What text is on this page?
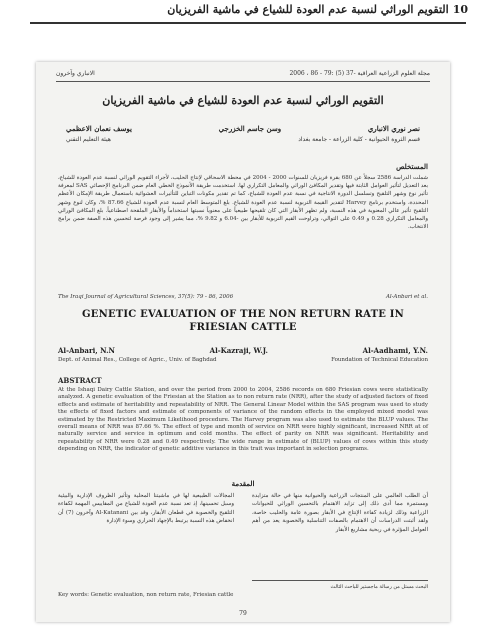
التقويم الوراثي لنسبة عدم العودة للشياع في ماشية الفريزيان 10
الانباري وآخرون	مجلة العلوم الزراعية العراقية -37 (5) :79 - 86 ، 2006
التقويم الوراثي لنسبة عدم العودة للشياع في ماشية الفريزيان
نصر نوري الانباري
وسن جاسم الخزرجي
يوسف نعمان الاعظمي
قسم الثروة الحيوانية - كلية الزراعة - جامعة بغداد
هيئة التعليم التقني
المستخلص
شملت الدراسة 2586 سجلاً عن 680 بقرة فريزيان للسنوات 2000 - 2004 في محطة الاسحاقي لإنتاج الحليب، لأجراء التقويم الوراثي لنسبة عدم العودة للشياع، بعد التعديل لتأثير العوامل الثابتة فيها وتقدير المكافئ الوراثي والمعامل التكراري لها. استخدمت طريقة الأنموذج الخطي العام ضمن البرنامج الإحصائي SAS لمعرفة تأثير نوع وشهر التلقيح وتسلسل الدورة الانتاجية في نسبة عدم العودة للشياع، كما تم تقدير مكونات التباين للتأثيرات العشوائية باستعمال طريقة الإمكان الأعظم المحددة، واستخدم برنامج Harvey لتقدير القيمة التربوية لنسبة عدم العودة للشياع. بلغ المتوسط العام لنسبة عدم العودة للشياع 87.66 %، وكان لنوع وشهر التلقيح تأثير عالي المعنوية في هذه النسبة، ولم تظهر الأبقار التي كان تلقيحها طبيعياً على معنوياً نسبتها استخداماً والأبقار الملقحة اصطناعياً. بلغ المكافئ الوراثي والمعامل التكراري 0.28 و 0.49 على التوالي، وتراوحت القيم التربوية للأبقار بين -6.04 و 9.82 %، مما يشير إلى وجود فرصة لتحسين هذه الصفة ضمن برامج الانتخاب.
The Iraqi Journal of Agricultural Sciences, 37(5): 79 - 86, 2006	Al-Anbari et al.
GENETIC EVALUATION OF THE NON RETURN RATE IN FRIESIAN CATTLE
Al-Anbari, N.N	Al-Kazraji, W.J.	Al-Aadhami, Y.N.
Dept. of Animal Res., College of Agric., Univ. of Baghdad	Foundation of Technical Education
ABSTRACT
At the Ishaqi Dairy Cattle Station, and over the period from 2000 to 2004, 2586 records on 680 Friesian cows were statistically analyzed. A genetic evaluation of the Friesian at the Station as to non return rate (NRR), after the study of adjusted factors of fixed effects and estimate of heritability and repeatability of NRR. The General Linear Model within the SAS program was used to study the effects of fixed factors and estimate of components of variance of the random effects in the employed mixed model was estimated by the Restricted Maximum Likelihood procedure. The Harvey program was also used to estimate the BLUP values. The overall means of NRR was 87.66 %. The effect of type and month of service on NRR were highly significant, increased NRR at of naturally service and service in optimum and cold months. The effect of parity on NRR was significant. Heritability and repeatability of NRR were 0.28 and 0.49 respectively. The wide range in estimate of (BLUP) values of cows within this study depending on NRR, the indicator of genetic additive variance in this trait was important in selection programs.
المقدمة
أن الطلب العالمي على المنتجات الزراعية والحيوانية منها في حالة متزايدة ومستمرة مما أدى ذلك إلى تزايد الاهتمام بالتحسين الوراثي للحيوانات الزراعية وذلك لزيادة كفاءة الإنتاج في الأبقار بصورة عامة والحليب خاصة، ولقد أثبتت الدراسات أن الاهتمام بالصفات التناسلية والخصوبة يعد من أهم العوامل المؤثرة في ربحية مشاريع الأبقار
المجالات الطبيعية لها في ماشيتنا المحلية وتأثير الظروف الإدارية والبيئية وسبل تحسينها، إذ تعد نسبة عدم العودة للشياع من المقاييس المهمة لكفاءة التلقيح والخصوبة في قطعان الأبقار، وقد بين Al-Katanani وآخرون (7) أن انخفاض هذه النسبة يرتبط بالإجهاد الحراري وسوء الإدارة
البحث مستل من رسالة ماجستير للباحث الثالث
Key words: Genetic evaluation, non return rate, Friesian cattle
79
